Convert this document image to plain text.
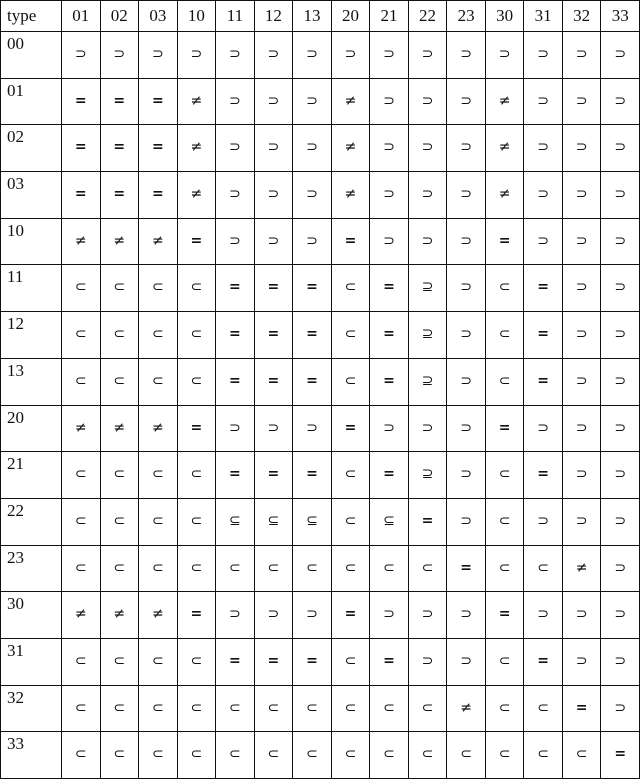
type	01	02	03	10	11	12	13	20	21	22	23	30	31	32	33
00	⊃	⊃	⊃	⊃	⊃	⊃	⊃	⊃	⊃	⊃	⊃	⊃	⊃	⊃	⊃
01	=	=	=	≠	⊃	⊃	⊃	≠	⊃	⊃	⊃	≠	⊃	⊃	⊃
02	=	=	=	≠	⊃	⊃	⊃	≠	⊃	⊃	⊃	≠	⊃	⊃	⊃
03	=	=	=	≠	⊃	⊃	⊃	≠	⊃	⊃	⊃	≠	⊃	⊃	⊃
10	≠	≠	≠	=	⊃	⊃	⊃	=	⊃	⊃	⊃	=	⊃	⊃	⊃
11	⊂	⊂	⊂	⊂	=	=	=	⊂	=	⊇	⊃	⊂	=	⊃	⊃
12	⊂	⊂	⊂	⊂	=	=	=	⊂	=	⊇	⊃	⊂	=	⊃	⊃
13	⊂	⊂	⊂	⊂	=	=	=	⊂	=	⊇	⊃	⊂	=	⊃	⊃
20	≠	≠	≠	=	⊃	⊃	⊃	=	⊃	⊃	⊃	=	⊃	⊃	⊃
21	⊂	⊂	⊂	⊂	=	=	=	⊂	=	⊇	⊃	⊂	=	⊃	⊃
22	⊂	⊂	⊂	⊂	⊆	⊆	⊆	⊂	⊆	=	⊃	⊂	⊃	⊃	⊃
23	⊂	⊂	⊂	⊂	⊂	⊂	⊂	⊂	⊂	⊂	=	⊂	⊂	≠	⊃
30	≠	≠	≠	=	⊃	⊃	⊃	=	⊃	⊃	⊃	=	⊃	⊃	⊃
31	⊂	⊂	⊂	⊂	=	=	=	⊂	=	⊃	⊃	⊂	=	⊃	⊃
32	⊂	⊂	⊂	⊂	⊂	⊂	⊂	⊂	⊂	⊂	≠	⊂	⊂	=	⊃
33	⊂	⊂	⊂	⊂	⊂	⊂	⊂	⊂	⊂	⊂	⊂	⊂	⊂	⊂	=
